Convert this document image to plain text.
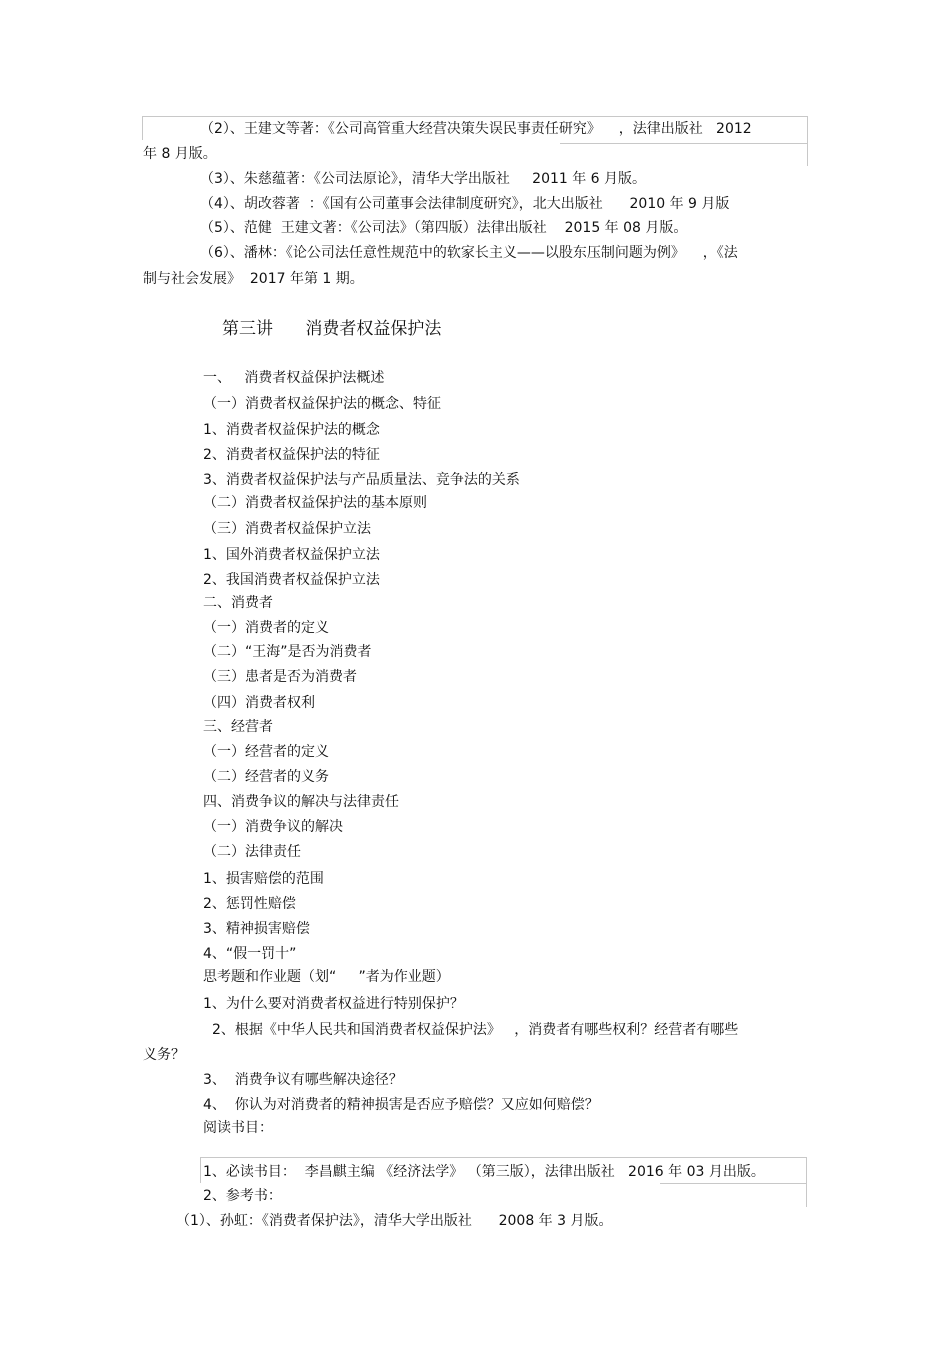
（2）、王建文等著：《公司高管重大经营决策失误民事责任研究》    ，法律出版社   2012
年 8 月版。
（3）、朱慈蕴著：《公司法原论》，清华大学出版社     2011 年 6 月版。
（4）、胡改蓉著  ：《国有公司董事会法律制度研究》，北大出版社      2010 年 9 月版
（5）、范健  王建文著：《公司法》（第四版）法律出版社    2015 年 08 月版。
（6）、潘林：《论公司法任意性规范中的软家长主义——以股东压制问题为例》    ，《法
制与社会发展》  2017 年第 1 期。
第三讲      消费者权益保护法
一、   消费者权益保护法概述
（一）消费者权益保护法的概念、特征
1、消费者权益保护法的概念
2、消费者权益保护法的特征
3、消费者权益保护法与产品质量法、竞争法的关系
（二）消费者权益保护法的基本原则
（三）消费者权益保护立法
1、国外消费者权益保护立法
2、我国消费者权益保护立法
二、消费者
（一）消费者的定义
（二）“王海”是否为消费者
（三）患者是否为消费者
（四）消费者权利
三、经营者
（一）经营者的定义
（二）经营者的义务
四、消费争议的解决与法律责任
（一）消费争议的解决
（二）法律责任
1、损害赔偿的范围
2、惩罚性赔偿
3、精神损害赔偿
4、“假一罚十”
思考题和作业题（划“     ”者为作业题）
1、为什么要对消费者权益进行特别保护？
2、根据《中华人民共和国消费者权益保护法》   ，消费者有哪些权利？经营者有哪些
义务？
3、  消费争议有哪些解决途径？
4、  你认为对消费者的精神损害是否应予赔偿？又应如何赔偿？
阅读书目：
1、必读书目：  李昌麒主编 《经济法学》 （第三版），法律出版社   2016 年 03 月出版。
2、参考书：
（1）、孙虹：《消费者保护法》，清华大学出版社      2008 年 3 月版。
